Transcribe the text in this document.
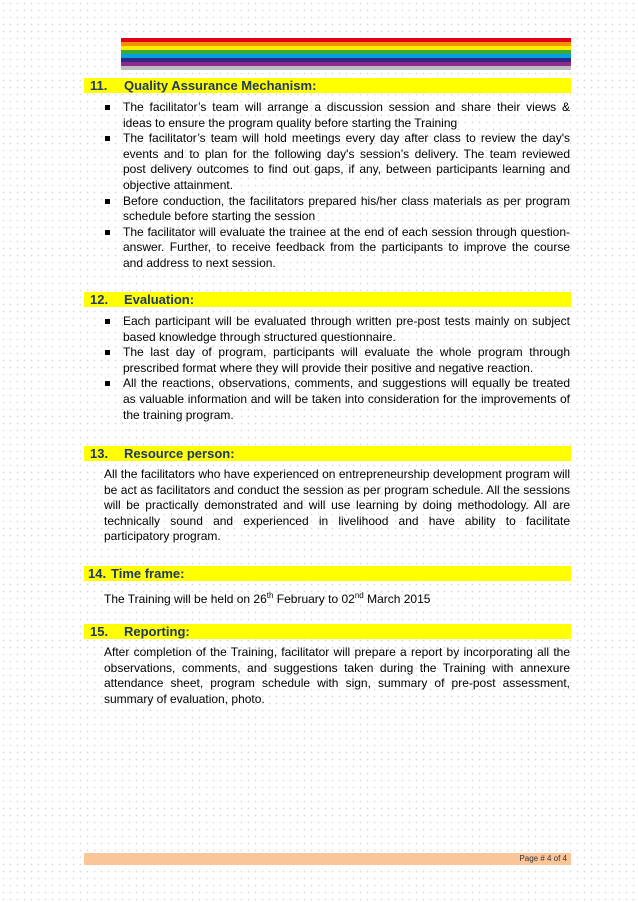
11. Quality Assurance Mechanism:
The facilitator’s team will arrange a discussion session and share their views & ideas to ensure the program quality before starting the Training
The facilitator’s team will hold meetings every day after class to review the day's events and to plan for the following day's session’s delivery. The team reviewed post delivery outcomes to find out gaps, if any, between participants learning and objective attainment.
Before conduction, the facilitators prepared his/her class materials as per program schedule before starting the session
The facilitator will evaluate the trainee at the end of each session through question-answer. Further, to receive feedback from the participants to improve the course and address to next session.
12. Evaluation:
Each participant will be evaluated through written pre-post tests mainly on subject based knowledge through structured questionnaire.
The last day of program, participants will evaluate the whole program through prescribed format where they will provide their positive and negative reaction.
All the reactions, observations, comments, and suggestions will equally be treated as valuable information and will be taken into consideration for the improvements of the training program.
13. Resource person:

All the facilitators who have experienced on entrepreneurship development program will be act as facilitators and conduct the session as per program schedule. All the sessions will be practically demonstrated and will use learning by doing methodology. All are technically sound and experienced in livelihood and have ability to facilitate participatory program.

14. Time frame:

The Training will be held on 26th February to 02nd March 2015

15. Reporting:

After completion of the Training, facilitator will prepare a report by incorporating all the observations, comments, and suggestions taken during the Training with annexure attendance sheet, program schedule with sign, summary of pre-post assessment, summary of evaluation, photo.

Page # 4 of 4
